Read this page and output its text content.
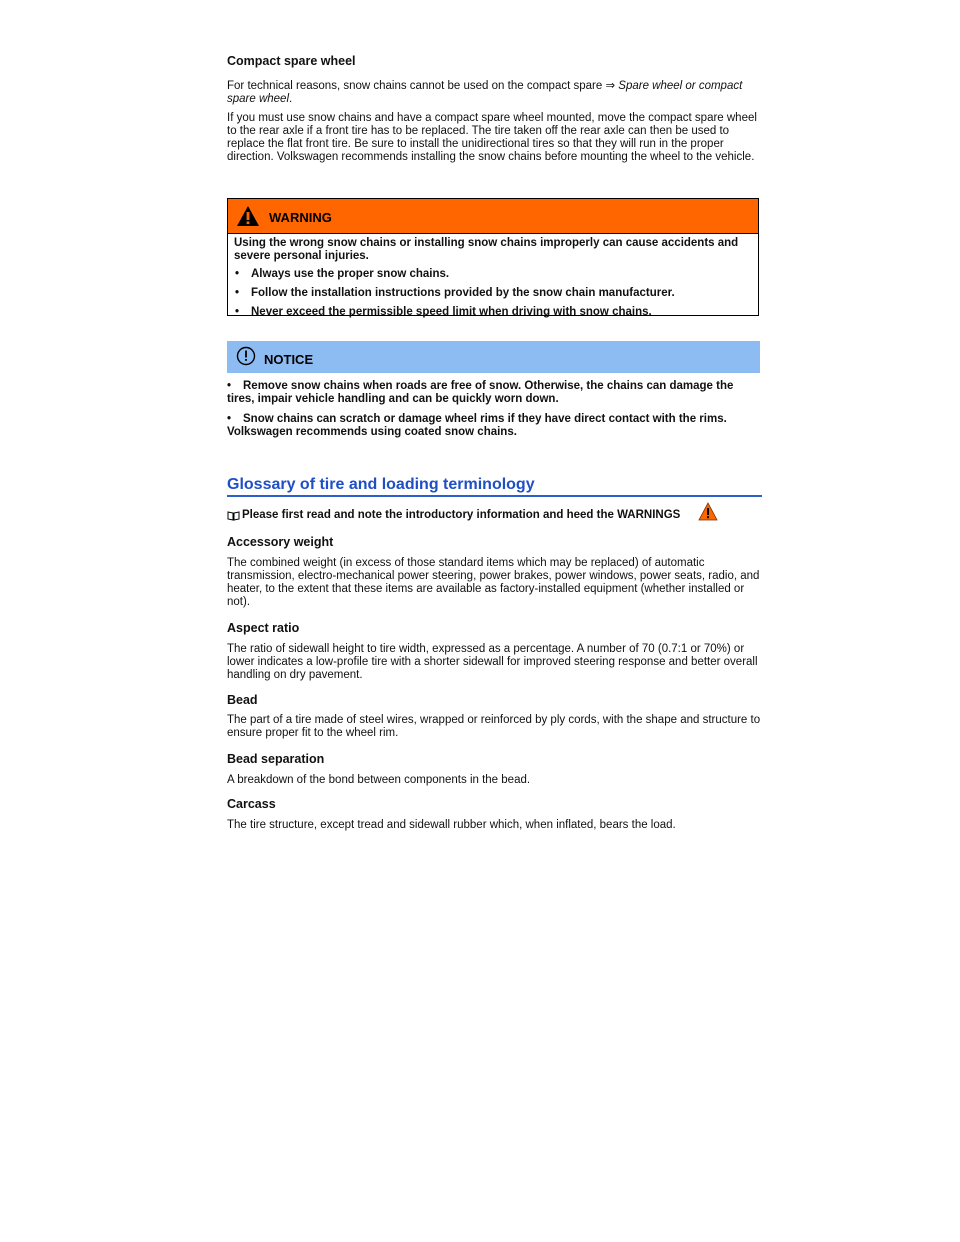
Compact spare wheel

For technical reasons, snow chains cannot be used on the compact spare ⇒ Spare wheel or compact spare wheel.

If you must use snow chains and have a compact spare wheel mounted, move the compact spare wheel to the rear axle if a front tire has to be replaced. The tire taken off the rear axle can then be used to replace the flat front tire. Be sure to install the unidirectional tires so that they will run in the proper direction. Volkswagen recommends installing the snow chains before mounting the wheel to the vehicle.

WARNING

Using the wrong snow chains or installing snow chains improperly can cause accidents and severe personal injuries.

• Always use the proper snow chains.
• Follow the installation instructions provided by the snow chain manufacturer.
• Never exceed the permissible speed limit when driving with snow chains.
NOTICE
• Remove snow chains when roads are free of snow. Otherwise, the chains can damage the tires, impair vehicle handling and can be quickly worn down.
• Snow chains can scratch or damage wheel rims if they have direct contact with the rims. Volkswagen recommends using coated snow chains.
Glossary of tire and loading terminology
Please first read and note the introductory information and heed the WARNINGS
Accessory weight

The combined weight (in excess of those standard items which may be replaced) of automatic transmission, electro-mechanical power steering, power brakes, power windows, power seats, radio, and heater, to the extent that these items are available as factory-installed equipment (whether installed or not).

Aspect ratio

The ratio of sidewall height to tire width, expressed as a percentage. A number of 70 (0.7:1 or 70%) or lower indicates a low-profile tire with a shorter sidewall for improved steering response and better overall handling on dry pavement.

Bead

The part of a tire made of steel wires, wrapped or reinforced by ply cords, with the shape and structure to ensure proper fit to the wheel rim.

Bead separation

A breakdown of the bond between components in the bead.

Carcass

The tire structure, except tread and sidewall rubber which, when inflated, bears the load.
